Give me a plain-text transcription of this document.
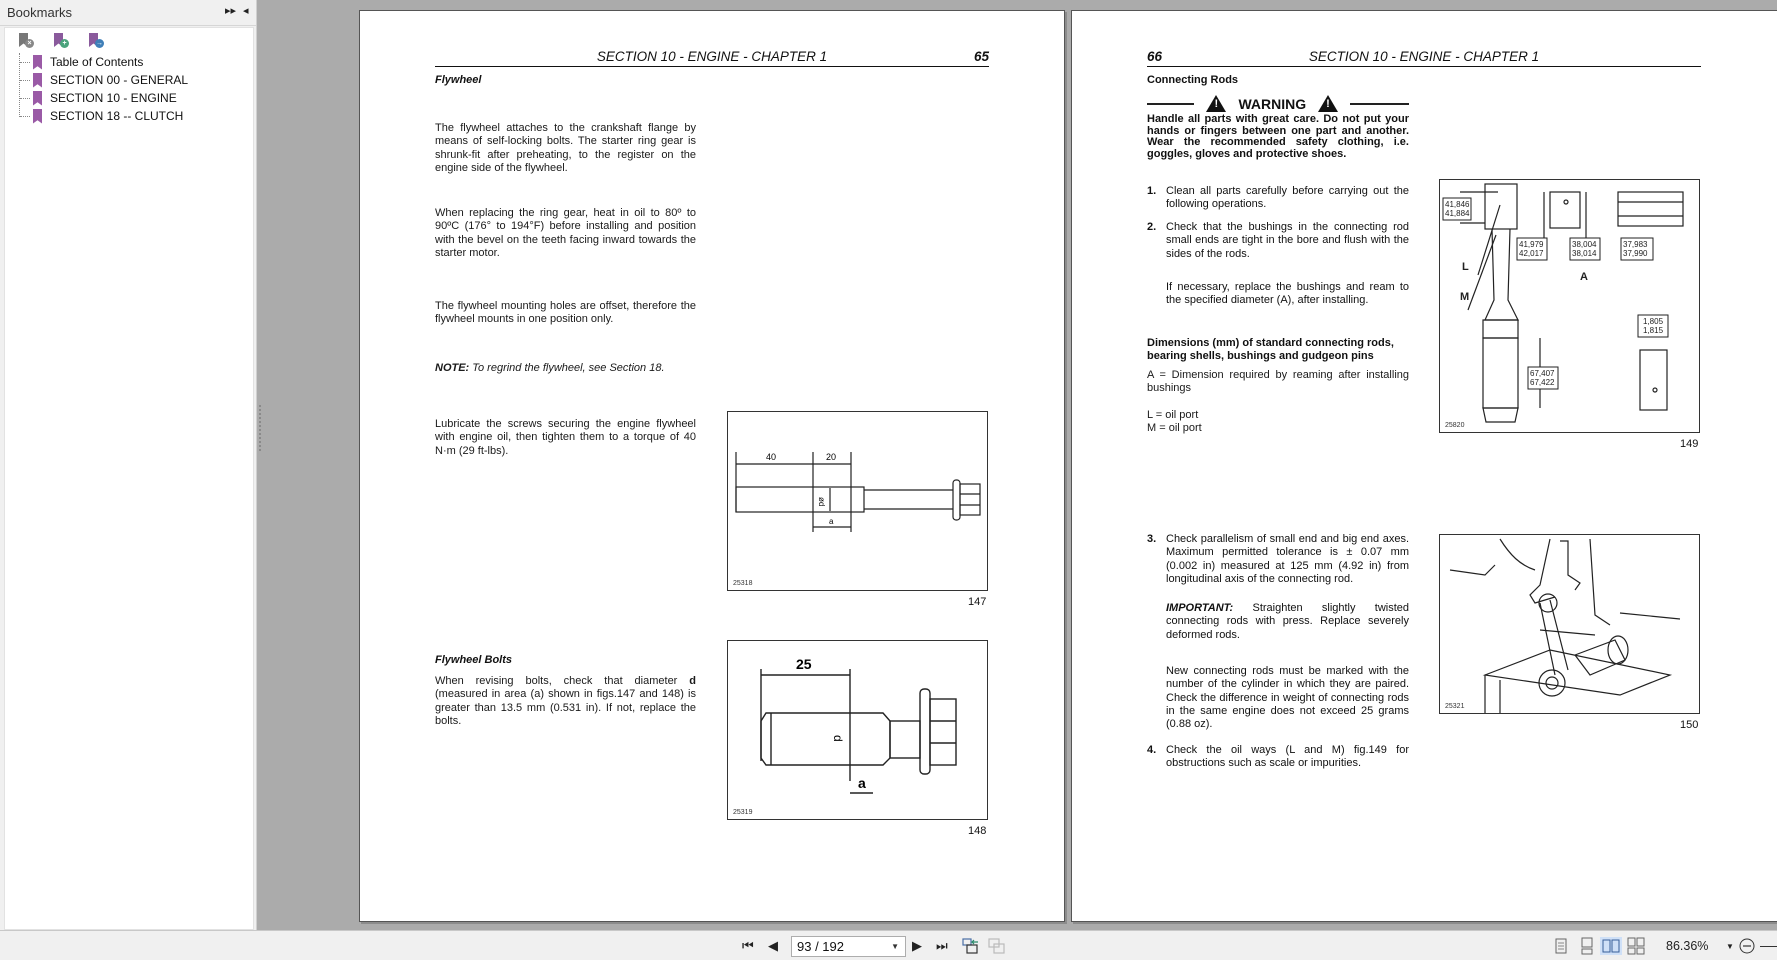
Bookmarks	▸▸ ◂
×	+	→
Table of Contents
SECTION 00 - GENERAL
SECTION 10 - ENGINE
SECTION 18 -- CLUTCH
SECTION 10 - ENGINE - CHAPTER 1	65
Flywheel
The flywheel attaches to the crankshaft flange by means of self-locking bolts. The starter ring gear is shrunk-fit after preheating, to the register on the engine side of the flywheel.
When replacing the ring gear, heat in oil to 80º to 90ºC (176° to 194°F) before installing and position with the bevel on the teeth facing inward towards the starter motor.
The flywheel mounting holes are offset, therefore the flywheel mounts in one position only.
NOTE: To regrind the flywheel, see Section 18.
Lubricate the screws securing the engine flywheel with engine oil, then tighten them to a torque of 40 N·m (29 ft-lbs).
40	20
ød
a
25318
147
Flywheel Bolts
When revising bolts, check that diameter d (measured in area (a) shown in figs.147 and 148) is greater than 13.5 mm (0.531 in). If not, replace the bolts.
25
d
a
25319
148
66	SECTION 10 - ENGINE - CHAPTER 1
Connecting Rods
!
WARNING
!
Handle all parts with great care. Do not put your hands or fingers between one part and another. Wear the recommended safety clothing, i.e. goggles, gloves and protective shoes.
1. Clean all parts carefully before carrying out the following operations.
2. Check that the bushings in the connecting rod small ends are tight in the bore and flush with the sides of the rods.
If necessary, replace the bushings and ream to the specified diameter (A), after installing.
Dimensions (mm) of standard connecting rods, bearing shells, bushings and gudgeon pins
A = Dimension required by reaming after installing bushings
L = oil port
M = oil port
41,846
41,884
41,979
42,017
38,004
38,014
37,983
37,990
1,805
1,815
67,407
67,422
L
M
A
25820
149
3. Check parallelism of small end and big end axes. Maximum permitted tolerance is ± 0.07 mm (0.002 in) measured at 125 mm (4.92 in) from longitudinal axis of the connecting rod.
IMPORTANT: Straighten slightly twisted connecting rods with press. Replace severely deformed rods.
New connecting rods must be marked with the number of the cylinder in which they are paired. Check the difference in weight of connecting rods in the same engine does not exceed 25 grams (0.88 oz).
4. Check the oil ways (L and M) fig.149 for obstructions such as scale or impurities.
25321
150
⏮ ◀	93 / 192	▼ ▶ ⏭	86.36% ▼
